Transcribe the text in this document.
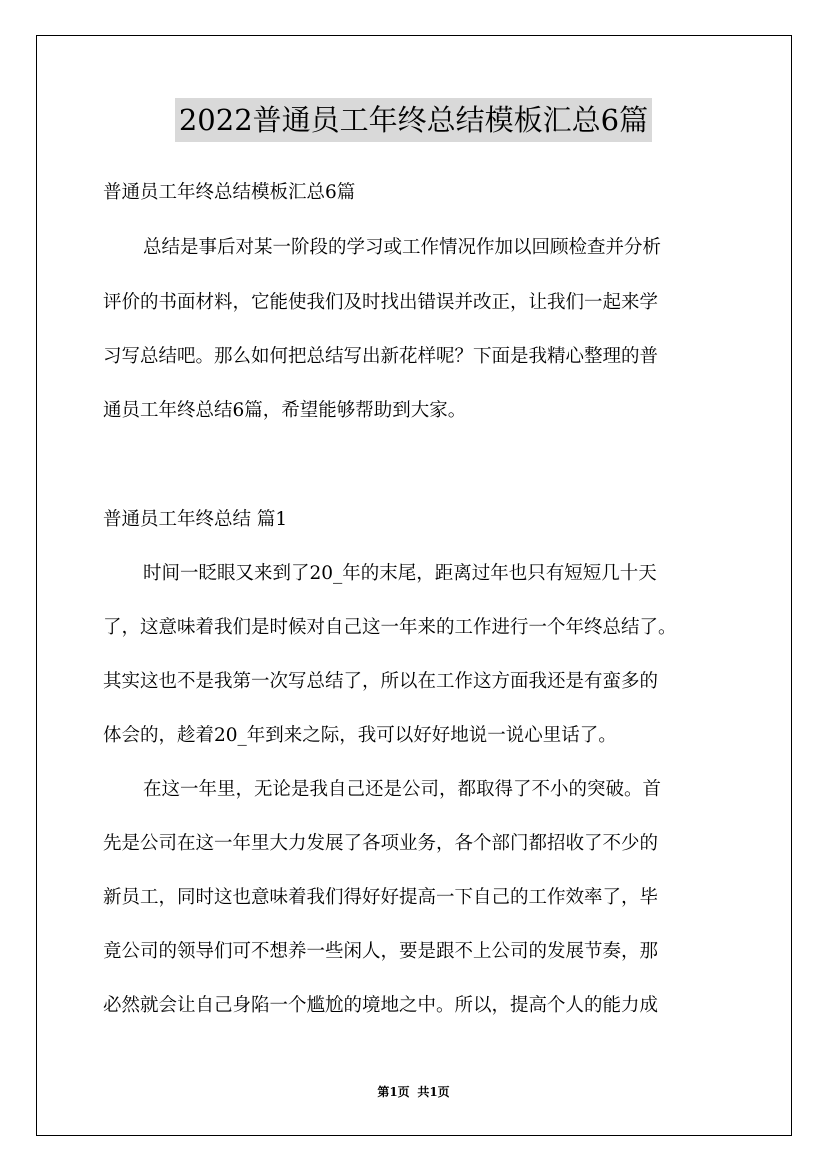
2022普通员工年终总结模板汇总6篇
普通员工年终总结模板汇总6篇
总结是事后对某一阶段的学习或工作情况作加以回顾检查并分析
评价的书面材料，它能使我们及时找出错误并改正，让我们一起来学
习写总结吧。那么如何把总结写出新花样呢？下面是我精心整理的普
通员工年终总结6篇，希望能够帮助到大家。
普通员工年终总结 篇1
时间一眨眼又来到了20_年的末尾，距离过年也只有短短几十天
了，这意味着我们是时候对自己这一年来的工作进行一个年终总结了。
其实这也不是我第一次写总结了，所以在工作这方面我还是有蛮多的
体会的，趁着20_年到来之际，我可以好好地说一说心里话了。
在这一年里，无论是我自己还是公司，都取得了不小的突破。首
先是公司在这一年里大力发展了各项业务，各个部门都招收了不少的
新员工，同时这也意味着我们得好好提高一下自己的工作效率了，毕
竟公司的领导们可不想养一些闲人，要是跟不上公司的发展节奏，那
必然就会让自己身陷一个尴尬的境地之中。所以，提高个人的能力成
第1页 共1页
